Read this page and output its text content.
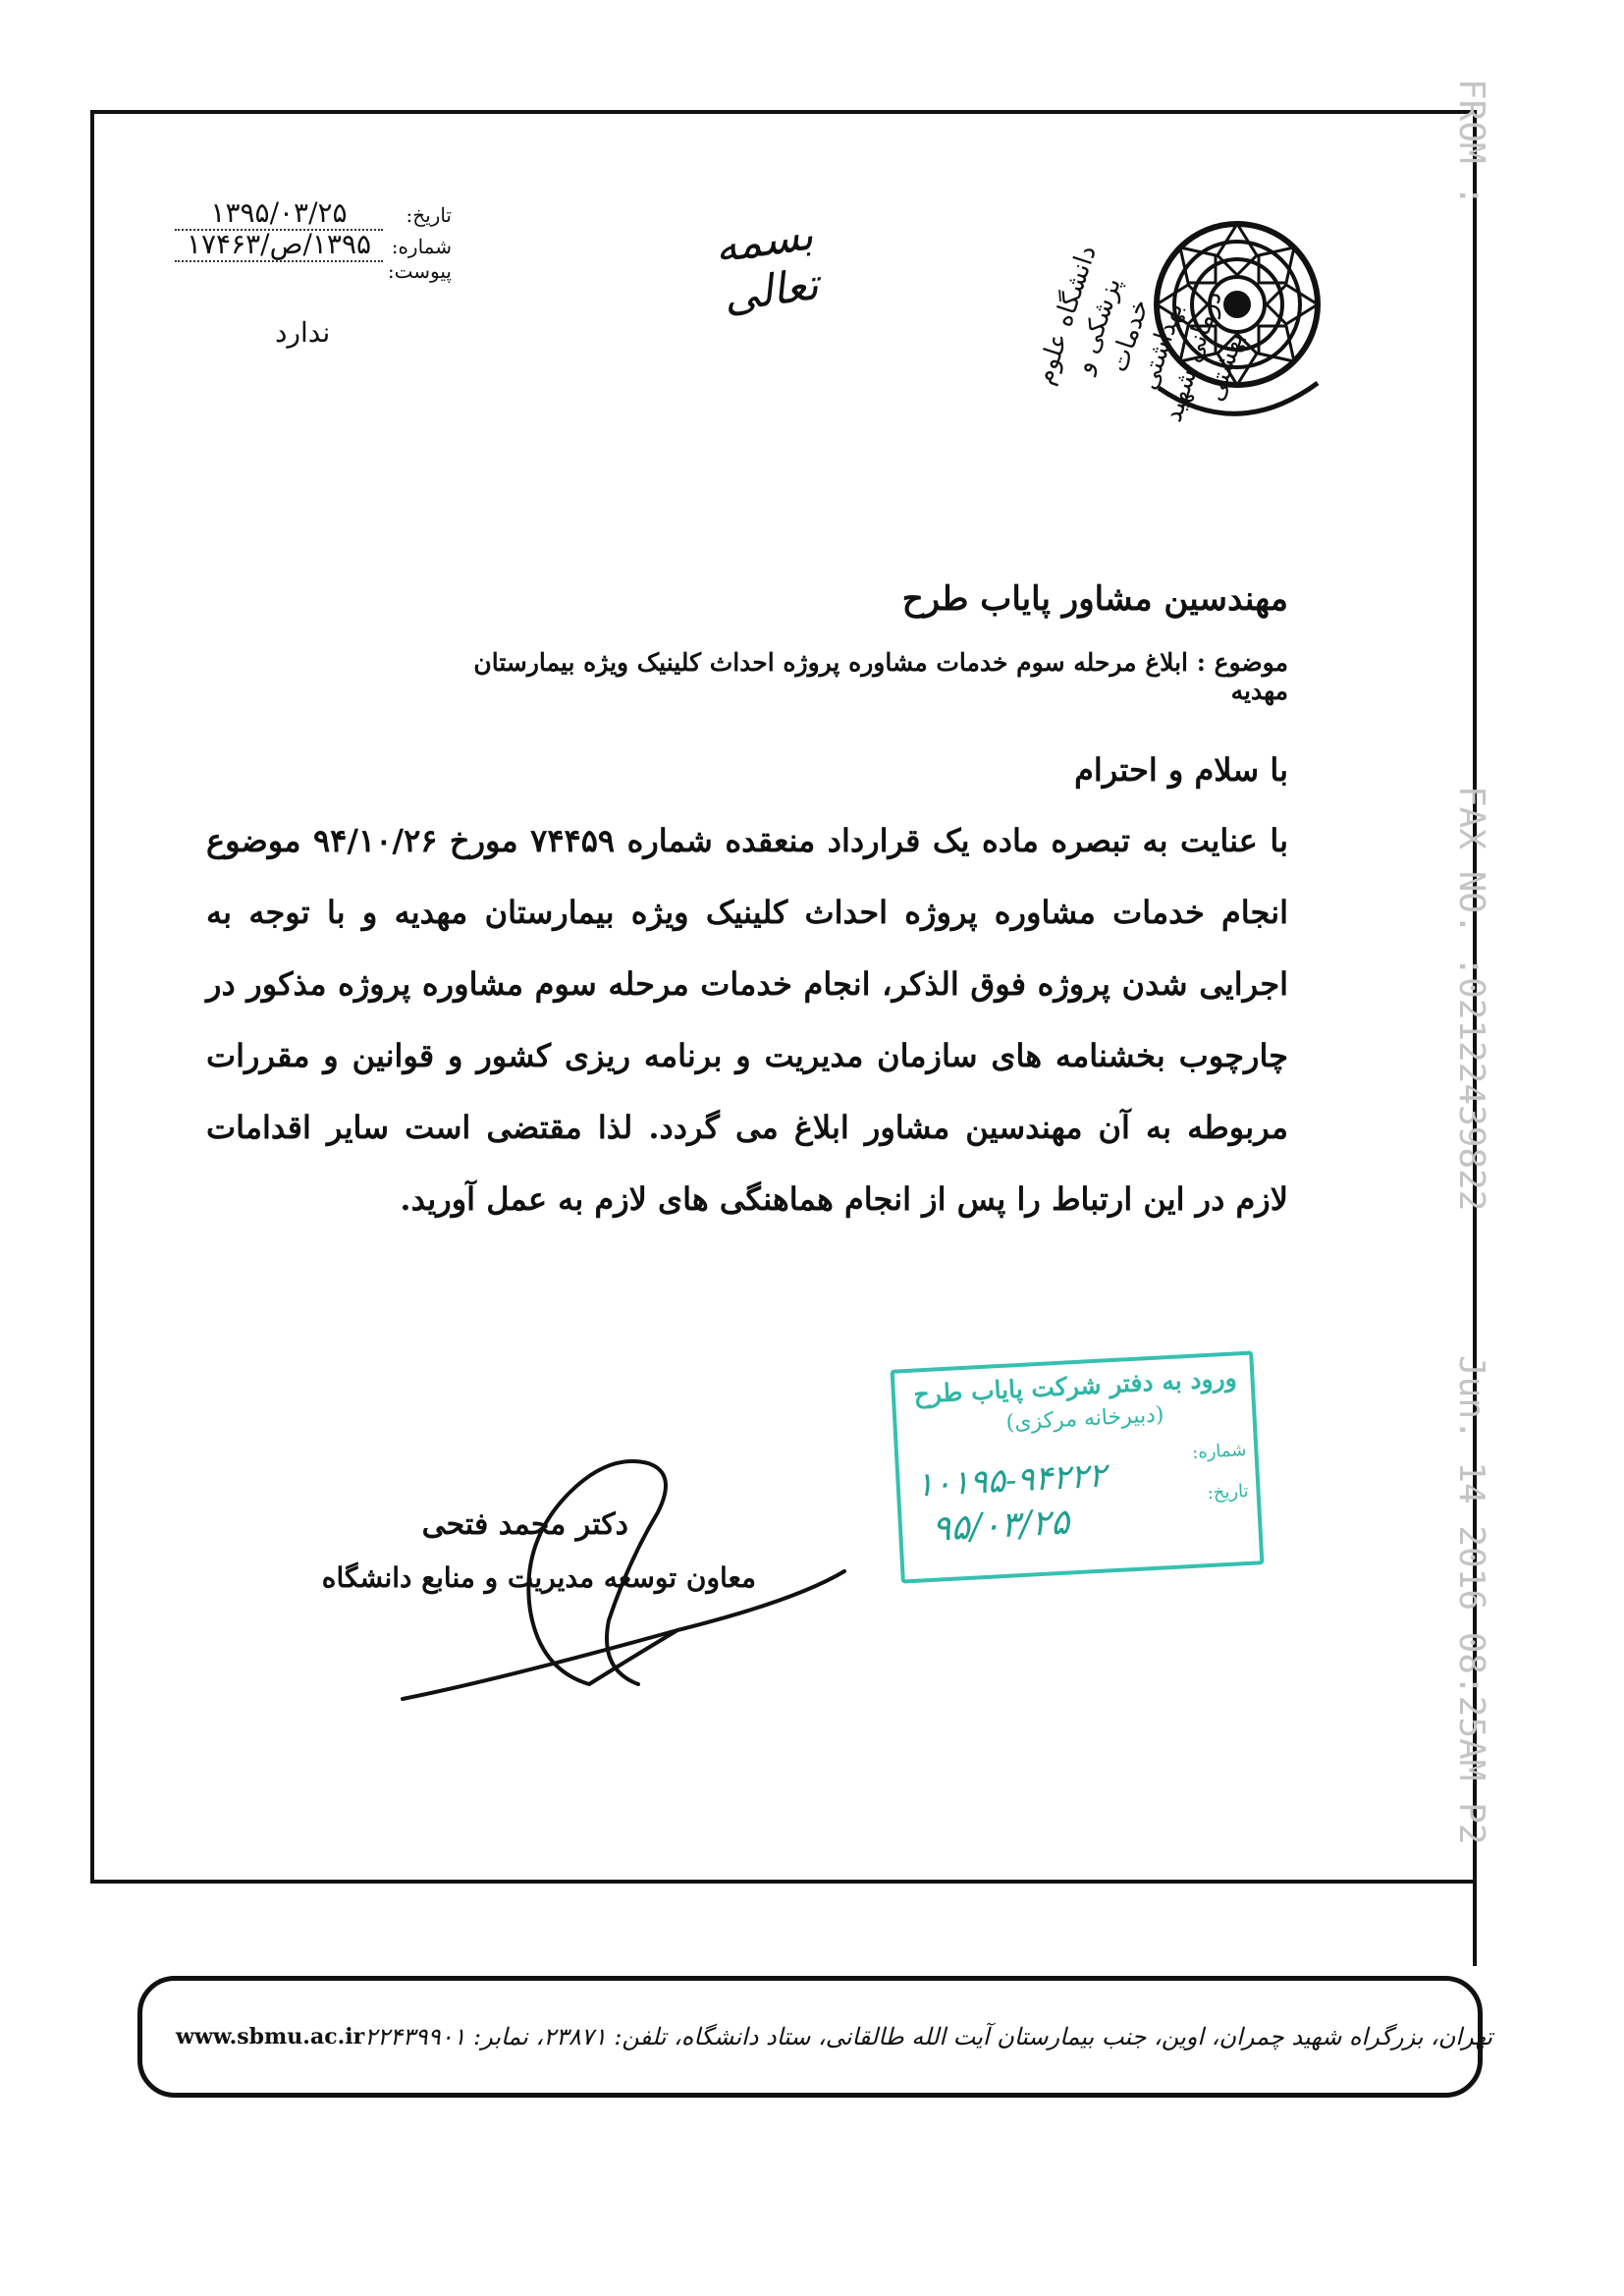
FROM :
FAX NO. :02122439822
Jun. 14 2016 08:25AM P2
دانشگاه علوم پزشکی و خدمات بهداشتی درمانی شهید بهشتی
بسمه تعالی
تاریخ:
۱۳۹۵/۰۳/۲۵
شماره:
۱۳۹۵/ص/۱۷۴۶۳
پیوست:
ندارد
مهندسین مشاور پایاب طرح
موضوع : ابلاغ مرحله سوم خدمات مشاوره پروژه احداث کلینیک ویژه بیمارستان مهدیه
با سلام و احترام
با عنایت به تبصره ماده یک قرارداد منعقده شماره ۷۴۴۵۹ مورخ ۹۴/۱۰/۲۶ موضوع انجام خدمات مشاوره پروژه احداث کلینیک ویژه بیمارستان مهدیه و با توجه به اجرایی شدن پروژه فوق الذکر، انجام خدمات مرحله سوم مشاوره پروژه مذکور در چارچوب بخشنامه های سازمان مدیریت و برنامه ریزی کشور و قوانین و مقررات مربوطه به آن مهندسین مشاور ابلاغ می گردد. لذا مقتضی است سایر اقدامات لازم در این ارتباط را پس از انجام هماهنگی های لازم به عمل آورید.
دکتر محمد فتحی
معاون توسعه مدیریت و منابع دانشگاه
ورود به دفتر شرکت پایاب طرح
(دبیرخانه مرکزی)
شماره:
تاریخ:
۱۰۱۹۵-۹۴۲۲۲
۹۵/۰۳/۲۵
www.sbmu.ac.ir تهران، بزرگراه شهید چمران، اوین، جنب بیمارستان آیت الله طالقانی، ستاد دانشگاه، تلفن: ۲۳۸۷۱، نمابر: ۲۲۴۳۹۹۰۱
